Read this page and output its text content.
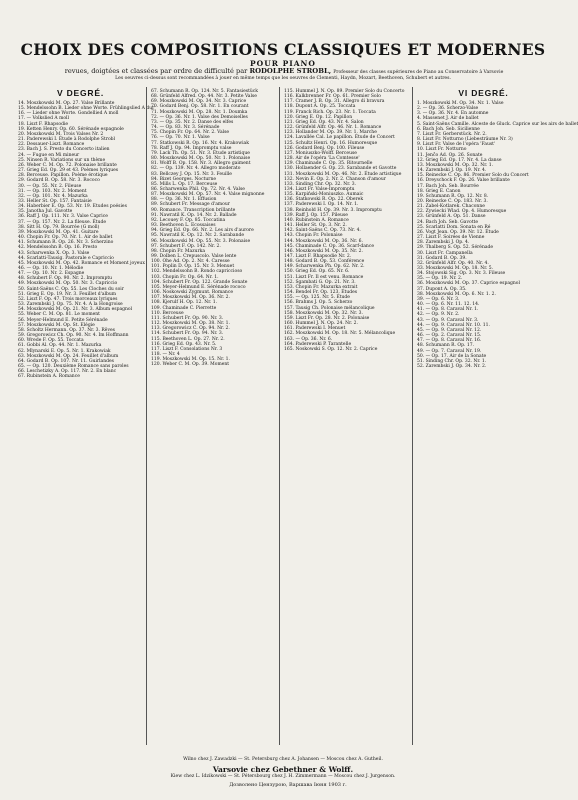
CHOIX DES COMPOSITIONS CLASSIQUES ET MODERNES
POUR PIANO
revues, doigtées et classées par ordre de difficulté par RODOLPHE STROBL, Professeur des classes supérieures de Piano au Conservatoire à Varsovie
Les oeuvres ci-dessus sont recommandées à jouer en même temps que les oeuvres de Clementi, Haydn, Mozart, Beethoven, Schubert et autres.
V DEGRÉ.
14. Moszkowski M. Op. 27. Valse Brillante
15. Mendelssohn B. Lieder ohne Worte. Frühlingslied A dur
16. — Lieder ohne Worte. Gondellied A moll
17. — Volkslied A moll
18. Liszt F. Rhapsodie
19. Ketten Henry. Op. 60. Sérénade espagnole
20. Moszkowski M. Trois Valses Nr. 2
21. Paderewski I. Étude à Rodolphe Strobl
22. Dessauer-Liszt. Romance
23. Bach J. S. Presto du Concerto italien
24. — Fugue en Mi mineur
25. Ninsen R. Variations sur un thème
26. Weber C. M. Op. 72. Polonaise brillante
27. Grieg Ed. Op. 29 et 43. Poèmes lyriques
28. Berceuse. Papillon. Poème érotique
29. Godard B. Op. 58. Nr. 3. Rococo
30. — Op. 55. Nr. 2. Fileuse
31. — Op. 103. Nr. 2. Moment
32. — Op. 101. Nr. 4. Mazurka
33. Heller St. Op. 157. Fantaisie
34. Haberbier E. Op. 53. Nr. 19. Etudes poésies
35. Janotha Jul. Gavotte
36. Raff J. Op. 111. Nr. 3. Valse Caprice
37. — Op. 157. Nr. 2. La fileuse. Étude
38. Sitt H. Op. 79. Bourrée (G moll)
39. Moszkowski M. Op. 41. Guitare
40. Chopin Fr. Op. 70. Nr. 1. Air de ballet
41. Schumann R. Op. 26. Nr. 3. Scherzino
42. Mendelssohn B. Op. 16. Presto
43. Scharwenka X. Op. 3. Valse
44. Scarlatti-Tausig. Pastorale e Capriccio
45. Moszkowski M. Op. 42. Romance et Moment joyeux
46. — Op. 10. Nr. 1. Mélodie
47. — Op. 10. Nr. 2. Espagne
48. Schubert F. Op. 90. Nr. 2. Impromptu
49. Moszkowski M. Op. 50. Nr. 3. Capriccio
50. Saint-Saëns C. Op. 55. Les Cloches du soir
51. Grieg E. Op. 19. Nr. 3. Feuillet d'album
52. Liszt F. Op. 47. Trois morceaux lyriques
53. Zarembski J. Op. 75. Nr. 4. A la Hongroise
54. Moszkowski M. Op. 21. Nr. 3. Album espagnol
55. Weber C. M. Op. 81. Le moment
56. Meyer-Helmund E. Petite Sérénade
57. Moszkowski M. Op. St. Elégie
58. Scholtz Hermann. Op. 37. Nr. 3. Rêves
59. Gregorowicz Ch. Op. 90. Nr. 4. Im Hoffmann
60. Wrede F. Op. 55. Toccata
61. Gobbi Al. Op. 44. Nr. 1. Mazurka
62. Mlynarski E. Op. 5. Nr. 1. Krakowiak
63. Moszkowski M. Op. 24. Feuillet d'album
64. Godard B. Op. 107. Nr. 11. Guirlandes
65. — Op. 120. Deuxième Romance sans paroles
66. Leschetizky A. Op. 117. Nr. 2. En blanc
67. Rubinstein A. Romance
67. Schumann R. Op. 124. Nr. 5. Fantasiestück
68. Grünfeld Alfred. Op. 44. Nr. 3. Petite Valse
69. Moszkowski M. Op. 34. Nr. 3. Caprice
70. Godard Benj. Op. 58. Nr. 1. En courant
71. Moszkowski M. Op. 28. Nr. 1. Doumka
72. — Op. 36. Nr. 1. Valse des Demoiselles
73. — Op. 35. Nr. 2. Danse des elfes
74. — Op. 83. Nr. 3. Sérénade
75. Chopin Fr. Op. 64. Nr. 2. Valse
76. — Op. 70. Nr. 1. Valse
77. Statkowski R. Op. 16. Nr. 4. Krakowiak
78. Raff J. Op. 94. Impromptu valse
79. Lack Th. Op. 51. Nr. 3. Étude artistique
80. Moszkowski M. Op. 50. Nr. 1. Polonaise
81. Wolff B. Op. 158. Nr. 3. Allegro gaiment
82. — Op. 139. Nr. 4. Allegro moderato
83. Bellczey J. Op. 15. Nr. 3. Feuille
84. Bizet Georges. Nocturne
85. Mills L. Op. 17. Berceuse
86. Scharwenka Phil. Op. 72. Nr. 4. Valse
87. Moszkowski M. Op. 57. Nr. 4. Valse mignonne
88. — Op. 36. Nr. 1. Effusion
89. Schubert Fr. Message d'amour
90. Romance. Transcription brillante
91. Nawratil K. Op. 14. Nr. 2. Ballade
92. Lecouey F. Op. 85. Toccatina
93. Beethoven L. Ecossaises
94. Grieg Ed. Op. 66. Nr. 2. Les airs d'aurore
95. Nawratil K. Op. 12. Nr. 2. Sarabande
96. Moszkowski M. Op. 55. Nr. 3. Polonaise
97. Schubert F. Op. 142. Nr. 2.
98. Chopin Fr. Mazurka
99. Dolben L. Crepuscolo. Valse lente
100. Ohe Ad. Op. 2. Nr. 4. Caresse
101. Poplin D. Op. 15. Nr. 3. Menuet
102. Mendelssohn B. Rondo capriccioso
103. Chopin Fr. Op. 64. Nr. 1.
104. Schubert Fr. Op. 122. Grande Sonate
105. Meyer-Helmund E. Sérénade rococo
106. Noskowski Zygmunt. Romance
107. Moszkowski M. Op. 36. Nr. 2.
108. Kjerulf H. Op. 12. Nr. 1.
109. Chaminade C. Pierrette
110. Berceuse
111. Schubert Fr. Op. 90. Nr. 3.
112. Moszkowski M. Op. 38. Nr. 1.
113. Gregorowicz C. Op. 94. Nr. 2.
114. Schubert Fr. Op. 94. Nr. 3.
115. Beethoven L. Op. 27. Nr. 2.
116. Grieg Ed. Op. 43. Nr. 5.
117. Liszt F. Consolations Nr. 3
118. — Nr. 4
119. Moszkowski M. Op. 15. Nr. 1.
120. Weber C. M. Op. 39. Moment
115. Hummel J. N. Op. 89. Premier Solo du Concerto
116. Kalkbrenner Fr. Op. 61. Premier Solo
117. Cramer J. B. Op. 31. Allegro di bravura
118. Dupont A. Op. 25. Toccata
119. Franck Rich. Op. 23. Nr. 1. Toccata
120. Grieg E. Op. 12. Papillon
121. Grieg Ed. Op. 43. Nr. 4. Salon
122. Grünfeld Alfr. Op. 46. Nr. 1. Romance
123. Hollander M. Op. 39. Nr. 1. Marche
124. Lavallée Cal. Le papillon. Étude de Concert
125. Schultz Henri. Op. 16. Humoresque
126. Godard Benj. Op. 100. Fileuse
127. Moniuszko-Wolff. Berceuse
128. Air de l'opéra 'La Comtesse'
129. Chaminade C. Op. 35. Ritournelle
130. Hollaender G. Op. 23. Sarabande et Gavotte
131. Moszkowski M. Op. 46. Nr. 2. Étude artistique
132. Nevin E. Op. 2. Nr. 2. Chanson d'amour
133. Sinding Chr. Op. 32. Nr. 3.
134. Liszt Fr. Valse-Impromptu
135. Karpiński-Moniuszko. Aumaic
136. Statkowski R. Op. 22. Oberek
137. Paderewski I. Op. 14. Nr. 1.
138. Reinhold H. Op. 39. Nr. 3. Impromptu
139. Raff J. Op. 157. Pileuse
140. Rubinstein A. Romance
141. Heller St. Op. 3. Nr. 2.
142. Saint-Saëns C. Op. 73. Nr. 4.
143. Chopin Fr. Polonaise
144. Moszkowski M. Op. 36. Nr. 6.
145. Chaminade C. Op. 36. Scarf-dance
146. Moszkowski M. Op. 35. Nr. 2.
147. Liszt F. Rhapsodie Nr. 2.
148. Godard B. Op. 53. Conférence
149. Scharwenka Ph. Op. 62. Nr. 2.
150. Grieg Ed. Op. 65. Nr. 6.
151. Liszt Fr. Il est venu. Romance
152. Sgambati G. Op. 21. Nr. 3.
153. Chopin Fr. Mazurka extrait
154. Bendel Fr. Op. 123. Études
155. — Op. 125. Nr. 5. Étude
156. Brahms J. Op. 5. Scherzo
157. Tausig Ch. Polonaise mélancolique
158. Moszkowski M. Op. 32. Nr. 3.
159. Liszt Fr. Op. 28. Nr. 2. Polonaise
160. Hummel J. N. Op. 24. Nr. 2.
161. Paderewski I. Menuet
162. Moszkowski M. Op. 18. Nr. 5. Mélancolique
163. — Op. 36. Nr. 6.
164. Paderewski P. Tarantelle
165. Noskowski S. Op. 12. Nr. 2. Caprice
VI DEGRÉ.
1. Moszkowski M. Op. 34. Nr. 1. Valse
2. — Op. 36. Scherzo-Valse
3. — Op. 36. Nr. 4. En automne
4. Massenet J. Air de ballet
5. Saint-Saëns Camille. Alceste de Gluck. Caprice sur les airs de ballet
6. Bach Joh. Seb. Sicilienne
7. Liszt Fr. Gerberstück. Nr. 2.
8. Liszt Fr. Notturno (Liebesträume Nr. 3)
9. Liszt Fr. Valse de l'opéra 'Faust'
10. Liszt Fr. Notturno
11. Jenčo Ad. Op. 26. Sonate
12. Grieg Ed. Op. 17. Nr. 4. La danse
13. Moszkowski M. Op. 32. Nr. 1.
14. Zarembski J. Op. 19. Nr. 4.
15. Reinecke C. Op. 86. Premier Solo du Concert
16. Dreyschock F. Op. 26. Valse brillante
17. Bach Joh. Seb. Bourrée
18. Grieg E. Canon
19. Schumann R. Op. 12. Nr. 8.
20. Reinecke C. Op. 183. Nr. 3.
21. Zabel-Kotlarek. Chaconne
22. Zywiecki Wlad. Op. 4. Humoresque
23. Grünfeld A. Op. 51. Danse
24. Bach Joh. Seb. Gavotte
25. Scarlatti Dom. Sonata en Ré
26. Vogt Jean. Op. 39. Nr. 12. Étude
27. Liszt F. Soirées de Vienne
28. Zarembski J. Op. 4.
29. Thalberg S. Op. 52. Sérénade
30. Liszt Fr. Campanella
31. Godard B. Op. 39.
32. Grünfeld Alfr. Op. 40. Nr. 4.
33. Moszkowski M. Op. 18. Nr. 5.
34. Stojowski Sig. Op. 3. Nr. 3. Fileuse
35. — Op. 19. Nr. 2.
36. Moszkowski M. Op. 37. Caprice espagnol
37. Dupont A. Op. 35.
38. Moszkowski M. Op. 6. Nr. 1. 2.
39. — Op. 6. Nr. 3.
40. — Op. 6. Nr. 11. 12. 14.
41. — Op. 8. Caraval Nr. 1.
42. — Op. 9. Nr. 2.
43. — Op. 9. Caraval Nr. 3.
44. — Op. 9. Caraval Nr. 10. 11.
45. — Op. 9. Caraval Nr. 12.
46. — Op. 2. Caraval Nr. 15.
47. — Op. 8. Caraval Nr. 16.
48. Schumann R. Op. 17.
49. — Op. 7. Caraval Nr. 19.
50. — Op. 17. Air de la Sonate
51. Sinding Chr. Op. 32. Nr. 1.
52. Zarembski J. Op. 34. Nr. 2.
Wilno chez J. Zawadzki — St. Petersburg chez A. Johansen — Moscou chez A. Gutheil.
Varsovie chez Gebethner & Wolff.
Kiew chez L. Idzikowski — St. Pétersbourg chez J. H. Zimmermann — Moscou chez J. Jurgenson.
Дозволено Цензурою, Варшава Іюня 1903 г.
